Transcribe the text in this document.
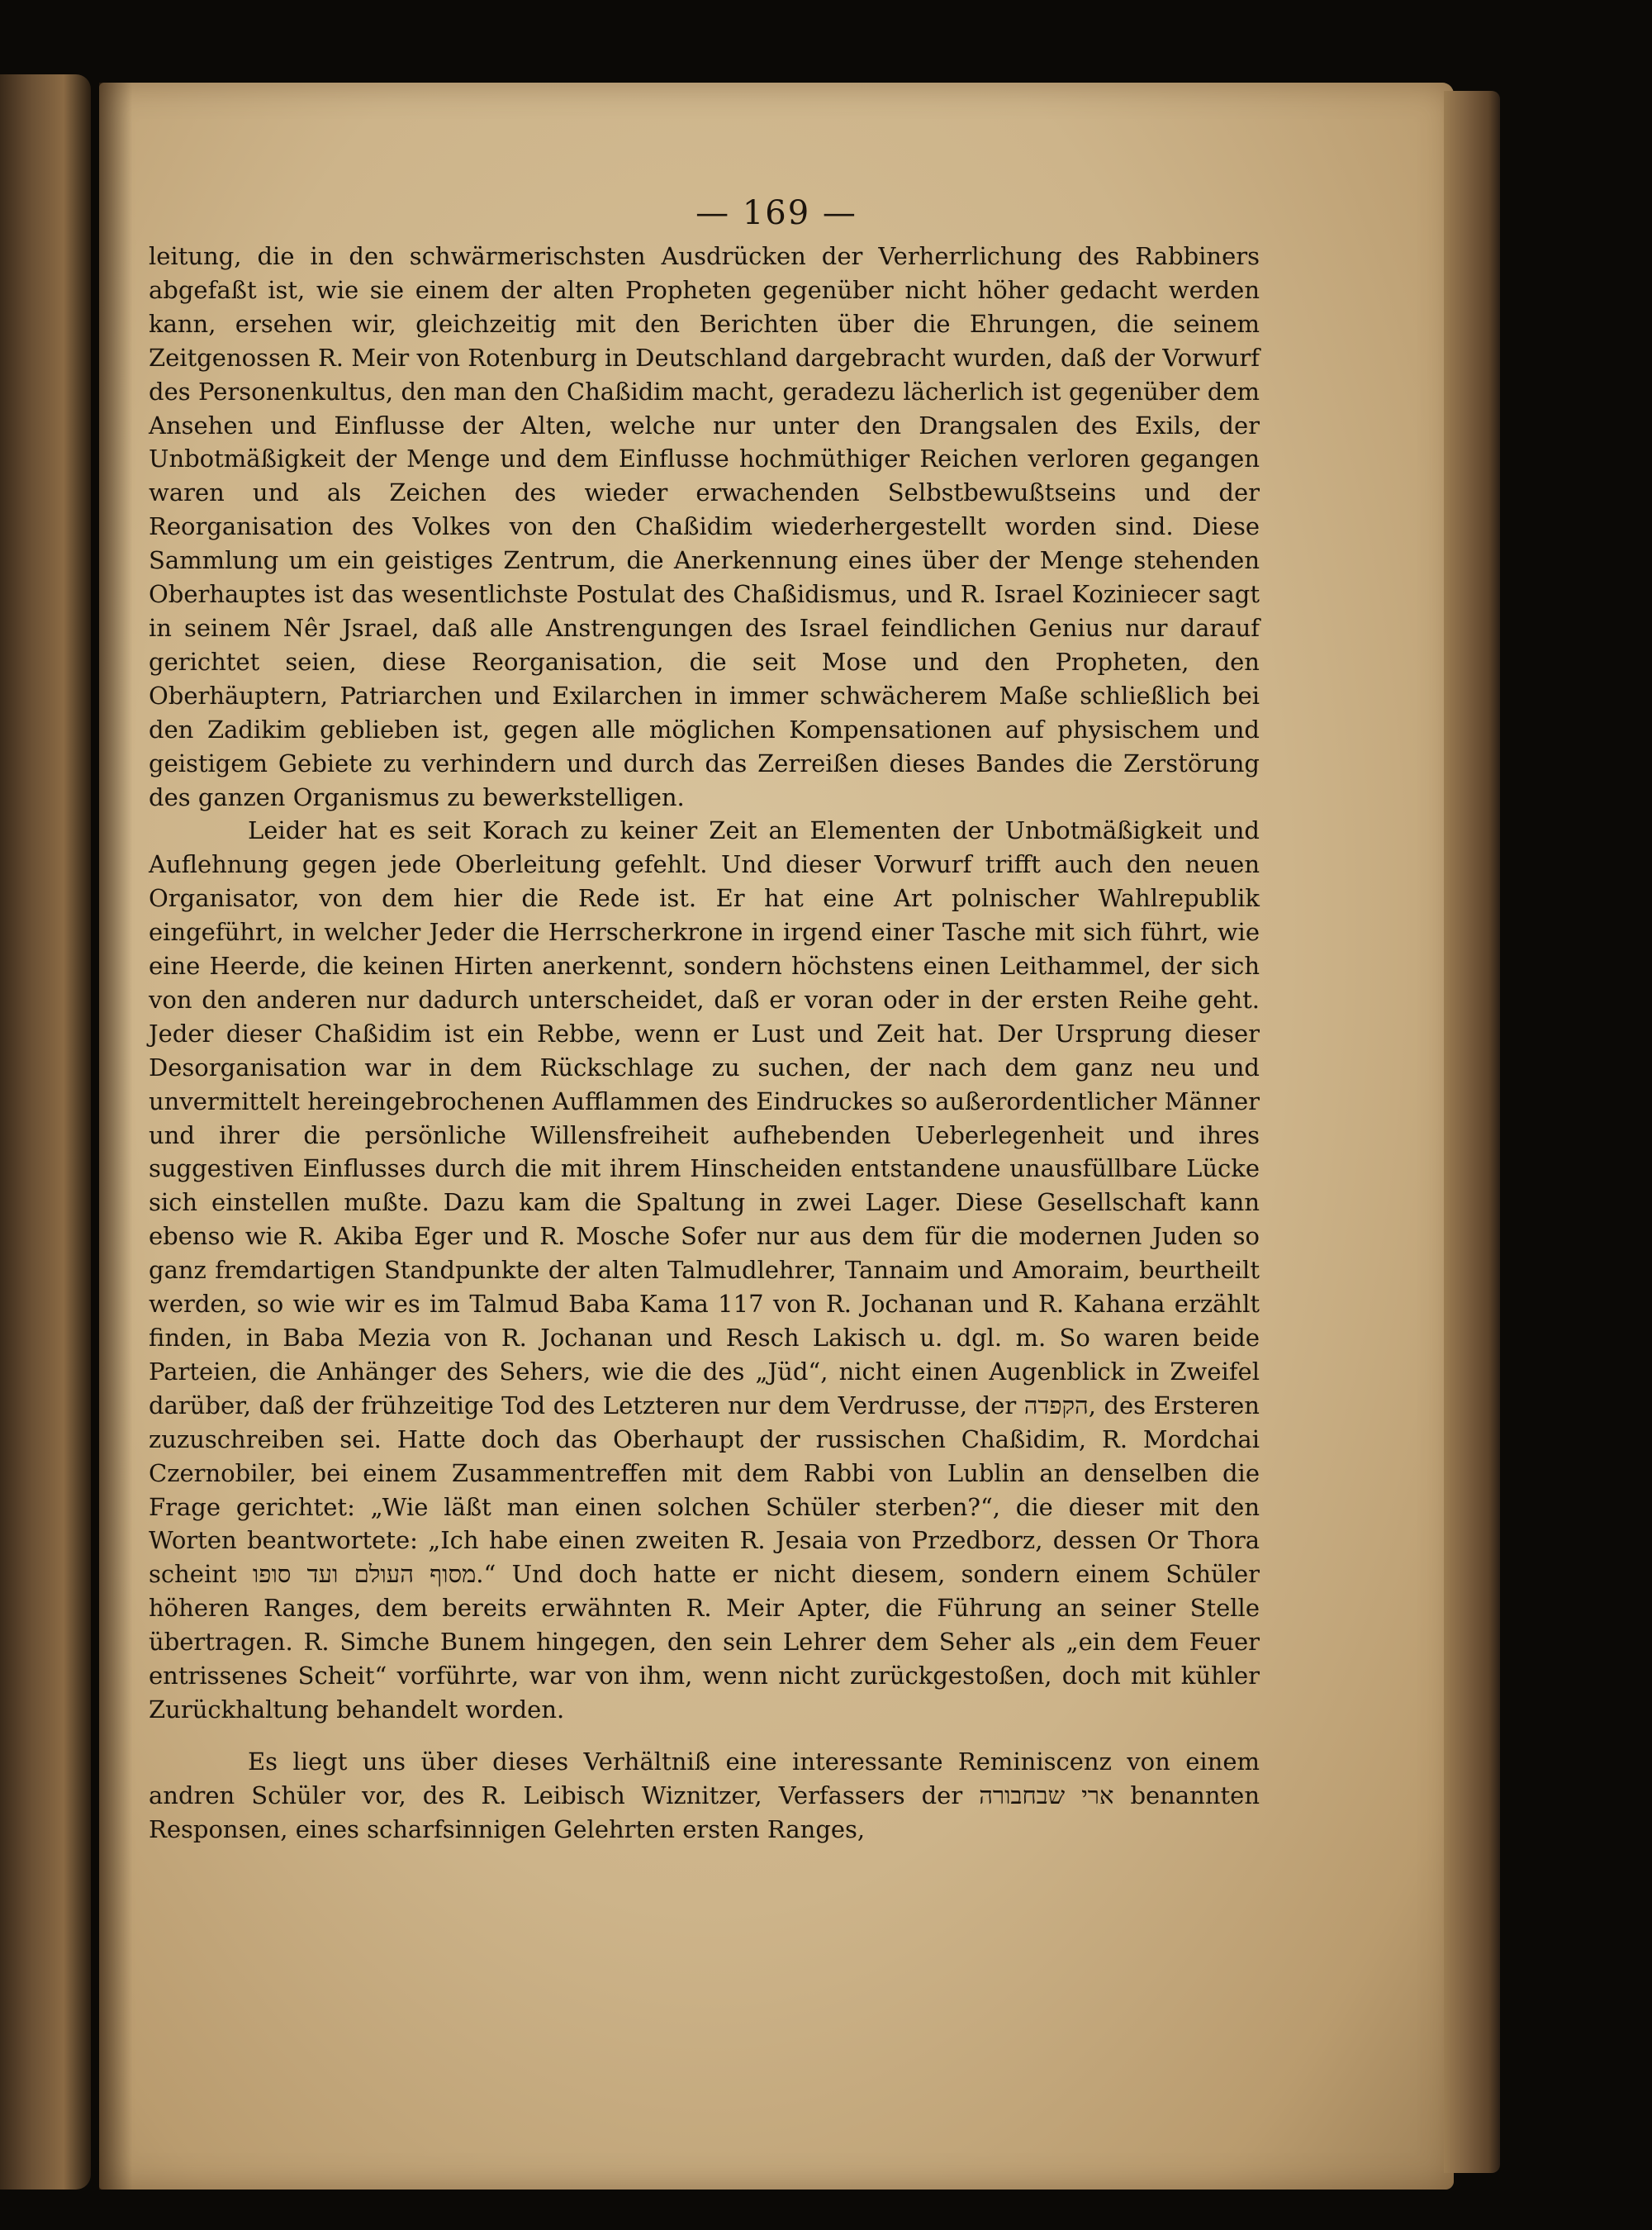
— 169 —

leitung, die in den schwärmerischsten Ausdrücken der Verherrlichung des Rabbiners abgefaßt ist, wie sie einem der alten Propheten gegenüber nicht höher gedacht werden kann, ersehen wir, gleichzeitig mit den Berichten über die Ehrungen, die seinem Zeitgenossen R. Meir von Rotenburg in Deutschland dargebracht wurden, daß der Vorwurf des Personenkultus, den man den Chaßidim macht, geradezu lächerlich ist gegenüber dem Ansehen und Einflusse der Alten, welche nur unter den Drangsalen des Exils, der Unbotmäßigkeit der Menge und dem Einflusse hochmüthiger Reichen verloren gegangen waren und als Zeichen des wieder erwachenden Selbstbewußtseins und der Reorganisation des Volkes von den Chaßidim wiederhergestellt worden sind. Diese Sammlung um ein geistiges Zentrum, die Anerkennung eines über der Menge stehenden Oberhauptes ist das wesentlichste Postulat des Chaßidismus, und R. Israel Koziniecer sagt in seinem Nêr Jsrael, daß alle Anstrengungen des Israel feindlichen Genius nur darauf gerichtet seien, diese Reorganisation, die seit Mose und den Propheten, den Oberhäuptern, Patriarchen und Exilarchen in immer schwächerem Maße schließlich bei den Zadikim geblieben ist, gegen alle möglichen Kompensationen auf physischem und geistigem Gebiete zu verhindern und durch das Zerreißen dieses Bandes die Zerstörung des ganzen Organismus zu bewerkstelligen.

Leider hat es seit Korach zu keiner Zeit an Elementen der Unbotmäßigkeit und Auflehnung gegen jede Oberleitung gefehlt. Und dieser Vorwurf trifft auch den neuen Organisator, von dem hier die Rede ist. Er hat eine Art polnischer Wahlrepublik eingeführt, in welcher Jeder die Herrscherkrone in irgend einer Tasche mit sich führt, wie eine Heerde, die keinen Hirten anerkennt, sondern höchstens einen Leithammel, der sich von den anderen nur dadurch unterscheidet, daß er voran oder in der ersten Reihe geht. Jeder dieser Chaßidim ist ein Rebbe, wenn er Lust und Zeit hat. Der Ursprung dieser Desorganisation war in dem Rückschlage zu suchen, der nach dem ganz neu und unvermittelt hereingebrochenen Aufflammen des Eindruckes so außerordentlicher Männer und ihrer die persönliche Willensfreiheit aufhebenden Ueberlegenheit und ihres suggestiven Einflusses durch die mit ihrem Hinscheiden entstandene unausfüllbare Lücke sich einstellen mußte. Dazu kam die Spaltung in zwei Lager. Diese Gesellschaft kann ebenso wie R. Akiba Eger und R. Mosche Sofer nur aus dem für die modernen Juden so ganz fremdartigen Standpunkte der alten Talmudlehrer, Tannaim und Amoraim, beurtheilt werden, so wie wir es im Talmud Baba Kama 117 von R. Jochanan und R. Kahana erzählt finden, in Baba Mezia von R. Jochanan und Resch Lakisch u. dgl. m. So waren beide Parteien, die Anhänger des Sehers, wie die des „Jüd“, nicht einen Augenblick in Zweifel darüber, daß der frühzeitige Tod des Letzteren nur dem Verdrusse, der הקפדה, des Ersteren zuzuschreiben sei. Hatte doch das Oberhaupt der russischen Chaßidim, R. Mordchai Czernobiler, bei einem Zusammentreffen mit dem Rabbi von Lublin an denselben die Frage gerichtet: „Wie läßt man einen solchen Schüler sterben?“, die dieser mit den Worten beantwortete: „Ich habe einen zweiten R. Jesaia von Przedborz, dessen Or Thora scheint מסוף העולם ועד סופו.“ Und doch hatte er nicht diesem, sondern einem Schüler höheren Ranges, dem bereits erwähnten R. Meir Apter, die Führung an seiner Stelle übertragen. R. Simche Bunem hingegen, den sein Lehrer dem Seher als „ein dem Feuer entrissenes Scheit“ vorführte, war von ihm, wenn nicht zurückgestoßen, doch mit kühler Zurückhaltung behandelt worden.

Es liegt uns über dieses Verhältniß eine interessante Reminiscenz von einem andren Schüler vor, des R. Leibisch Wiznitzer, Verfassers der ארי שבחבורה benannten Responsen, eines scharfsinnigen Gelehrten ersten Ranges,
